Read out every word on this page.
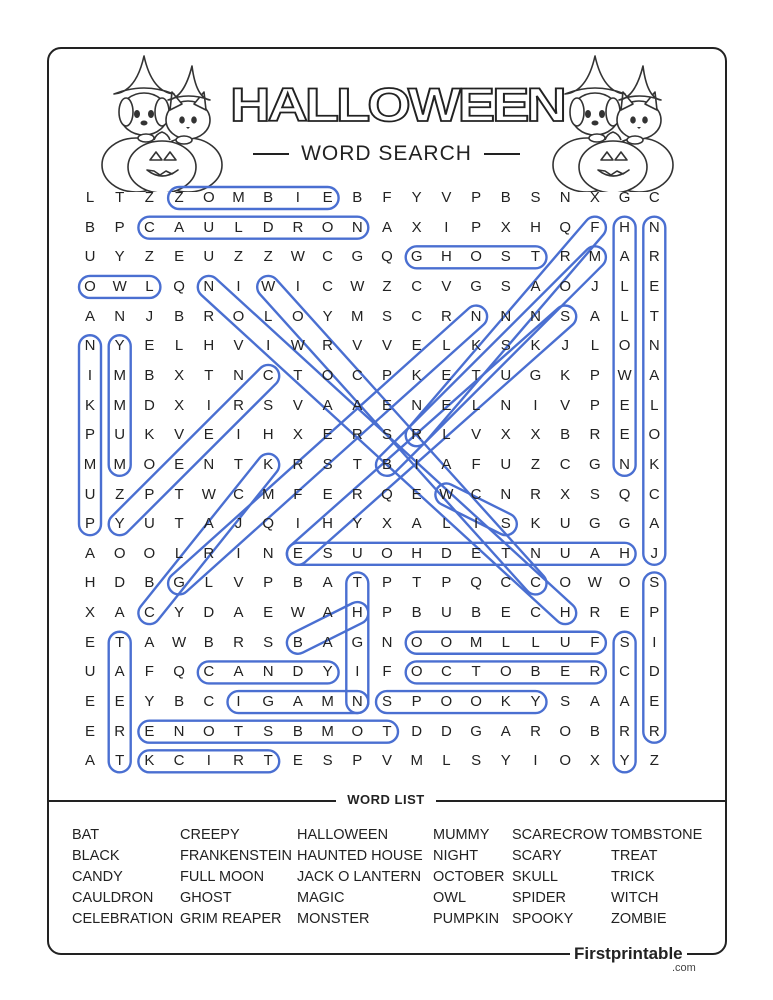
HALLOWEEN
WORD SEARCH
L	T	Z	Z	O	M	B	I	E	B	F	Y	V	P	B	S	N	X	G	C
B	P	C	A	U	L	D	R	O	N	A	X	I	P	X	H	Q	F	H	N
U	Y	Z	E	U	Z	Z	W	C	G	Q	G	H	O	S	T	R	M	A	R
O	W	L	Q	N	I	W	I	C	W	Z	C	V	G	S	A	O	J	L	E
A	N	J	B	R	O	L	O	Y	M	S	C	R	N	N	N	S	A	L	T
N	Y	E	L	H	V	I	W	R	V	V	E	L	K	S	K	J	L	O	N
I	M	B	X	T	N	C	T	O	C	P	K	E	T	U	G	K	P	W	A
K	M	D	X	I	R	S	V	A	A	E	N	E	L	N	I	V	P	E	L
P	U	K	V	E	I	H	X	E	R	S	R	L	V	X	X	B	R	E	O
M	M	O	E	N	T	K	R	S	T	B	I	A	F	U	Z	C	G	N	K
U	Z	P	T	W	C	M	F	E	R	Q	E	W	C	N	R	X	S	Q	C
P	Y	U	T	A	J	Q	I	H	Y	X	A	L	I	S	K	U	G	G	A
A	O	O	L	R	I	N	E	S	U	O	H	D	E	T	N	U	A	H	J
H	D	B	G	L	V	P	B	A	T	P	T	P	Q	C	C	O	W	O	S
X	A	C	Y	D	A	E	W	A	H	P	B	U	B	E	C	H	R	E	P
E	T	A	W	B	R	S	B	A	G	N	O	O	M	L	L	U	F	S	I
U	A	F	Q	C	A	N	D	Y	I	F	O	C	T	O	B	E	R	C	D
E	E	Y	B	C	I	G	A	M	N	S	P	O	O	K	Y	S	A	A	E
E	R	E	N	O	T	S	B	M	O	T	D	D	G	A	R	O	B	R	R
A	T	K	C	I	R	T	E	S	P	V	M	L	S	Y	I	O	X	Y	Z
WORD LIST
BAT
BLACK
CANDY
CAULDRON
CELEBRATION
CREEPY
FRANKENSTEIN
FULL MOON
GHOST
GRIM REAPER
HALLOWEEN
HAUNTED HOUSE
JACK O LANTERN
MAGIC
MONSTER
MUMMY
NIGHT
OCTOBER
OWL
PUMPKIN
SCARECROW
SCARY
SKULL
SPIDER
SPOOKY
TOMBSTONE
TREAT
TRICK
WITCH
ZOMBIE
Firstprintable
.com
